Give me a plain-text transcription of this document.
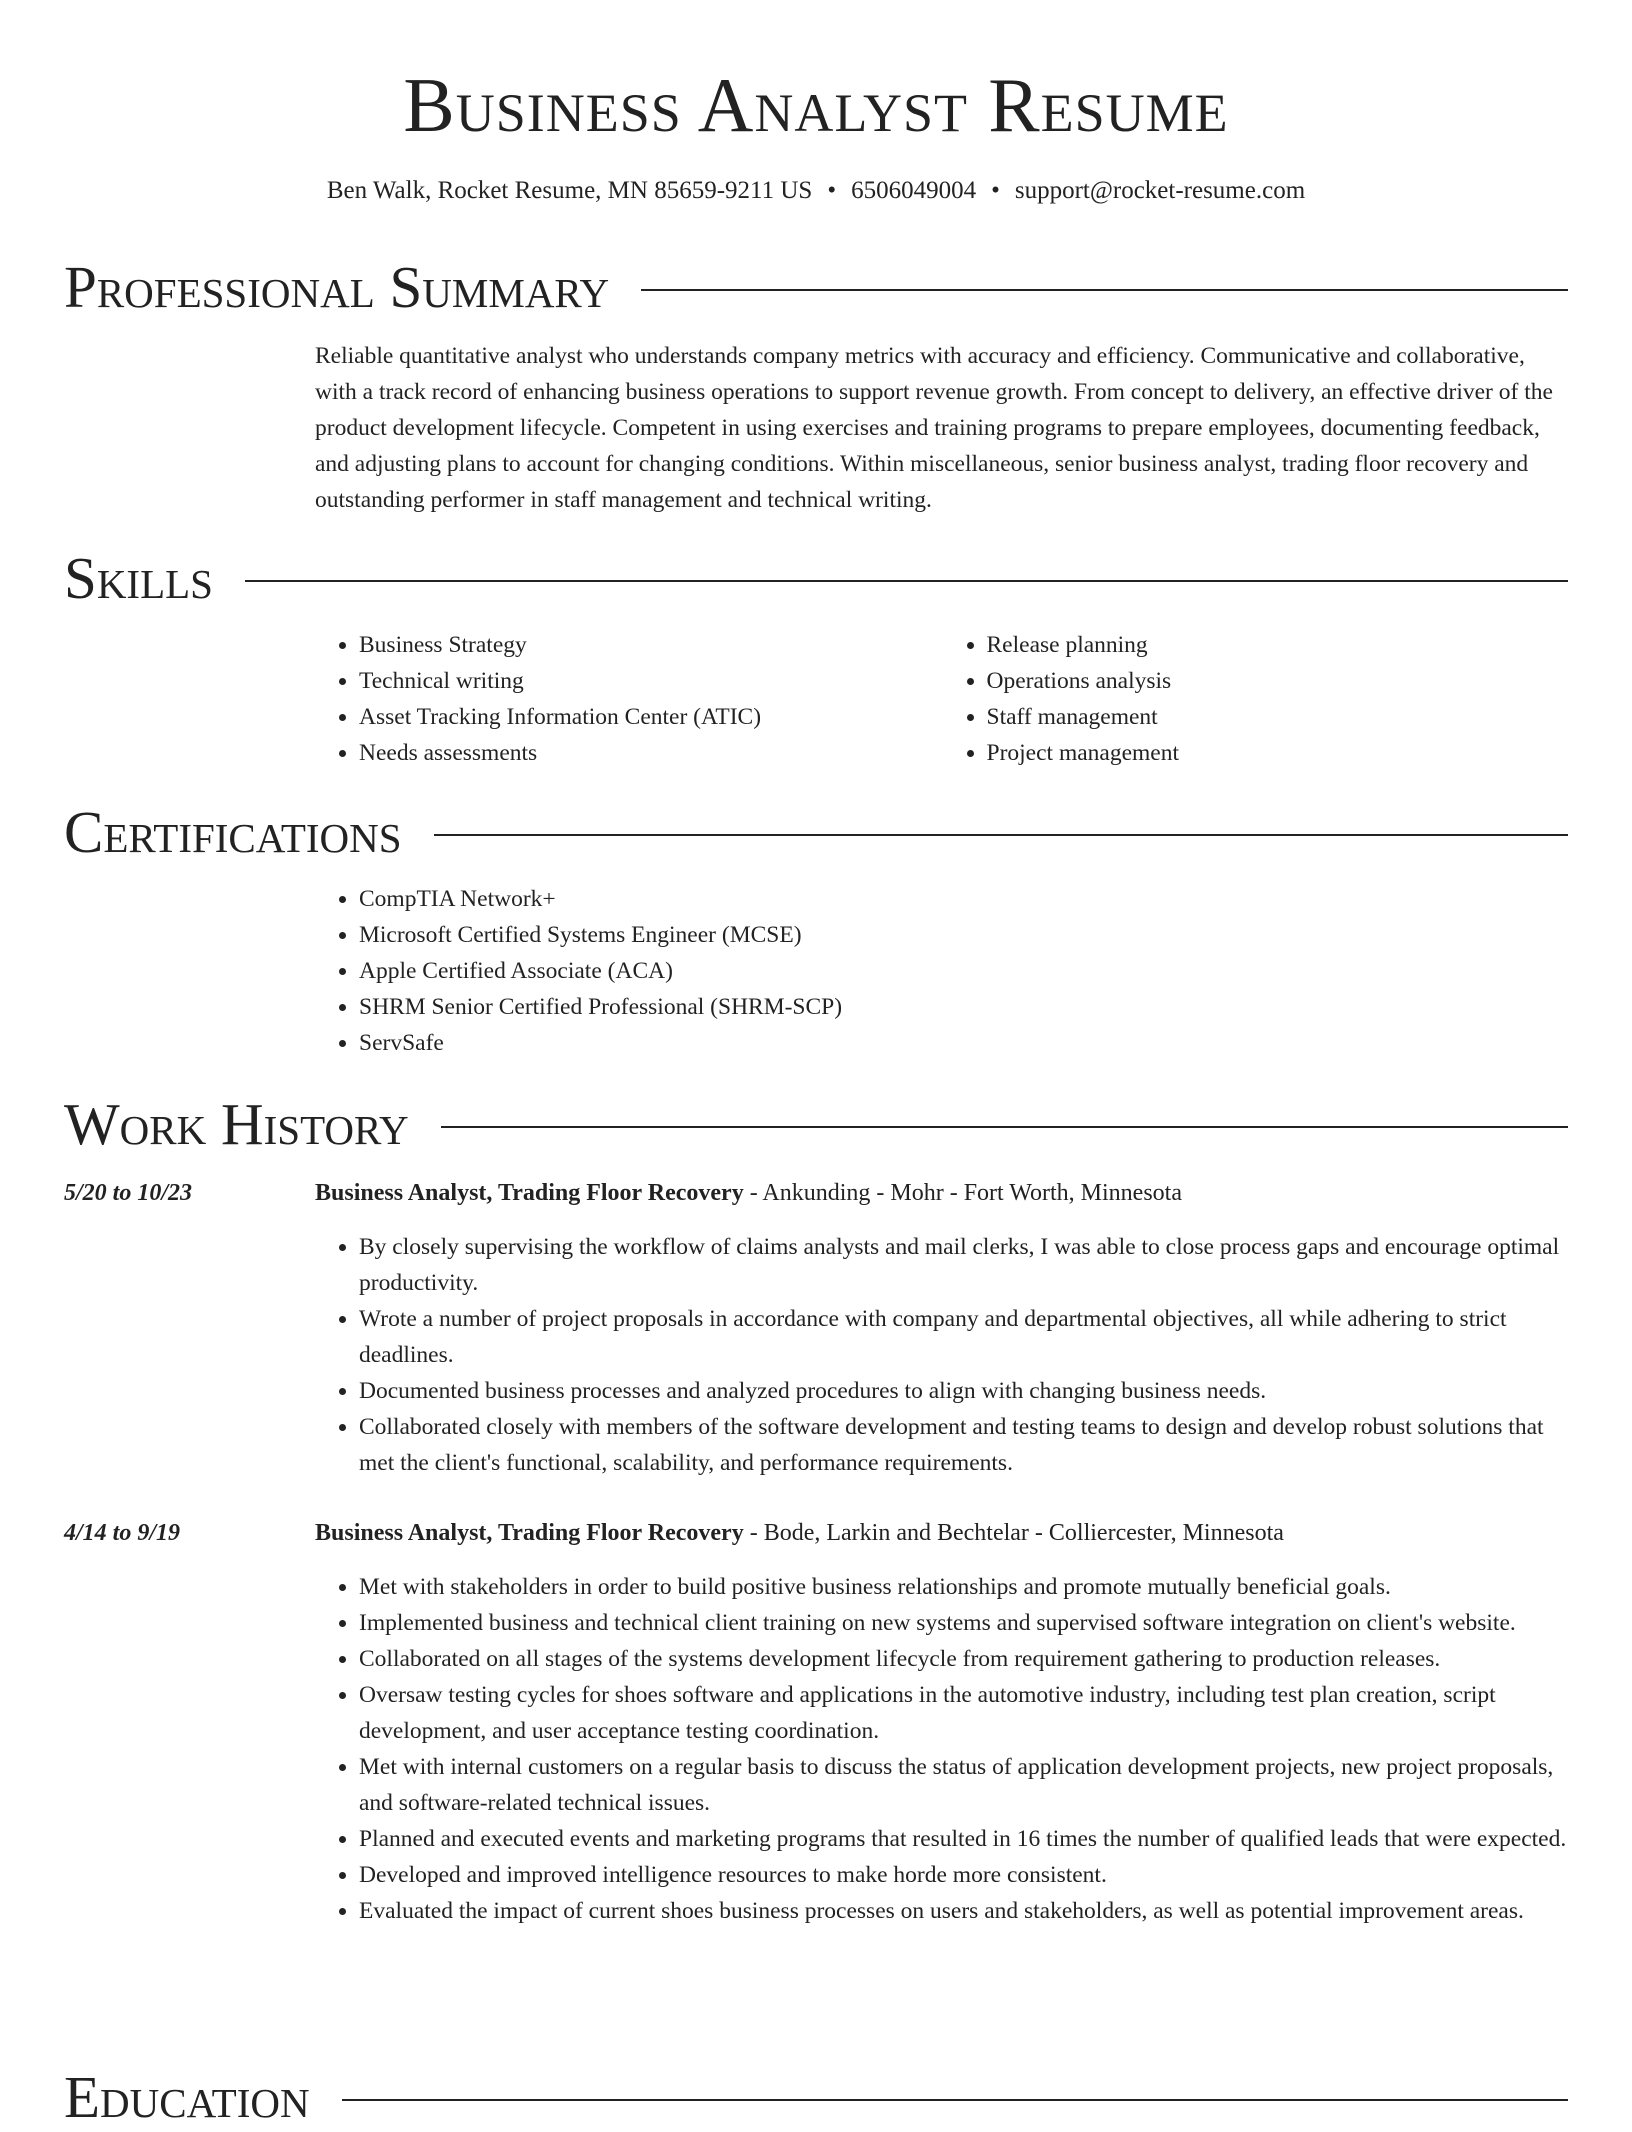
Business Analyst Resume
Ben Walk, Rocket Resume, MN 85659-9211 US • 6506049004 • support@rocket-resume.com
Professional Summary

Reliable quantitative analyst who understands company metrics with accuracy and efficiency. Communicative and collaborative, with a track record of enhancing business operations to support revenue growth. From concept to delivery, an effective driver of the product development lifecycle. Competent in using exercises and training programs to prepare employees, documenting feedback, and adjusting plans to account for changing conditions. Within miscellaneous, senior business analyst, trading floor recovery and outstanding performer in staff management and technical writing.

Skills
• Business Strategy
• Technical writing
• Asset Tracking Information Center (ATIC)
• Needs assessments
• Release planning
• Operations analysis
• Staff management
• Project management
Certifications
• CompTIA Network+
• Microsoft Certified Systems Engineer (MCSE)
• Apple Certified Associate (ACA)
• SHRM Senior Certified Professional (SHRM-SCP)
• ServSafe
Work History
5/20 to 10/23	Business Analyst, Trading Floor Recovery - Ankunding - Mohr - Fort Worth, Minnesota
• By closely supervising the workflow of claims analysts and mail clerks, I was able to close process gaps and encourage optimal productivity.
• Wrote a number of project proposals in accordance with company and departmental objectives, all while adhering to strict deadlines.
• Documented business processes and analyzed procedures to align with changing business needs.
• Collaborated closely with members of the software development and testing teams to design and develop robust solutions that met the client's functional, scalability, and performance requirements.
4/14 to 9/19	Business Analyst, Trading Floor Recovery - Bode, Larkin and Bechtelar - Colliercester, Minnesota
• Met with stakeholders in order to build positive business relationships and promote mutually beneficial goals.
• Implemented business and technical client training on new systems and supervised software integration on client's website.
• Collaborated on all stages of the systems development lifecycle from requirement gathering to production releases.
• Oversaw testing cycles for shoes software and applications in the automotive industry, including test plan creation, script development, and user acceptance testing coordination.
• Met with internal customers on a regular basis to discuss the status of application development projects, new project proposals, and software-related technical issues.
• Planned and executed events and marketing programs that resulted in 16 times the number of qualified leads that were expected.
• Developed and improved intelligence resources to make horde more consistent.
• Evaluated the impact of current shoes business processes on users and stakeholders, as well as potential improvement areas.
Education
